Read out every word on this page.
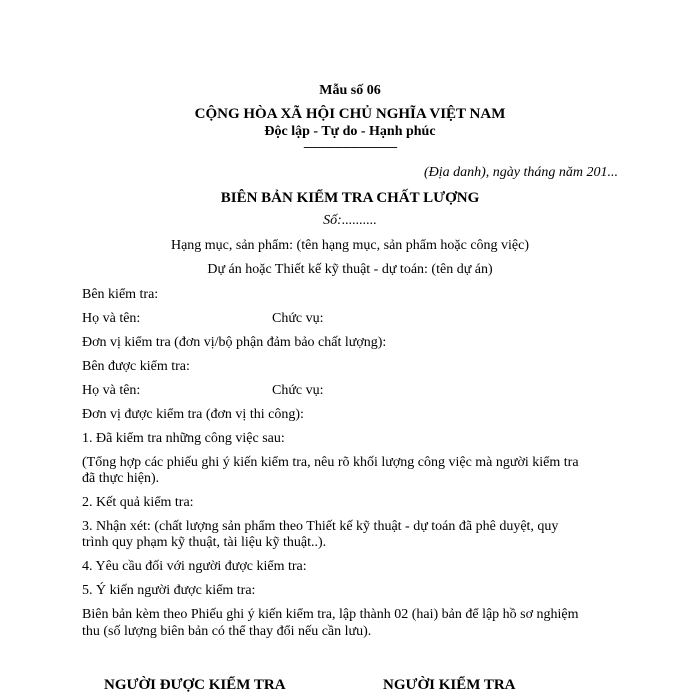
Mẫu số 06
CỘNG HÒA XÃ HỘI CHỦ NGHĨA VIỆT NAM
Độc lập - Tự do - Hạnh phúc
-----------------------------------
(Địa danh), ngày tháng năm 201...
BIÊN BẢN KIỂM TRA CHẤT LƯỢNG
Số:..........
Hạng mục, sản phẩm: (tên hạng mục, sản phẩm hoặc công việc)
Dự án hoặc Thiết kế kỹ thuật - dự toán: (tên dự án)
Bên kiểm tra:
Họ và tên:	Chức vụ:
Đơn vị kiểm tra (đơn vị/bộ phận đảm bảo chất lượng):
Bên được kiểm tra:
Họ và tên:	Chức vụ:
Đơn vị được kiểm tra (đơn vị thi công):
1. Đã kiểm tra những công việc sau:
(Tổng hợp các phiếu ghi ý kiến kiểm tra, nêu rõ khối lượng công việc mà người kiểm tra
đã thực hiện).
2. Kết quả kiểm tra:
3. Nhận xét: (chất lượng sản phẩm theo Thiết kế kỹ thuật - dự toán đã phê duyệt, quy
trình quy phạm kỹ thuật, tài liệu kỹ thuật..).
4. Yêu cầu đối với người được kiểm tra:
5. Ý kiến người được kiểm tra:
Biên bản kèm theo Phiếu ghi ý kiến kiểm tra, lập thành 02 (hai) bản để lập hồ sơ nghiệm
thu (số lượng biên bản có thể thay đổi nếu cần lưu).
NGƯỜI ĐƯỢC KIỂM TRA	NGƯỜI KIỂM TRA
